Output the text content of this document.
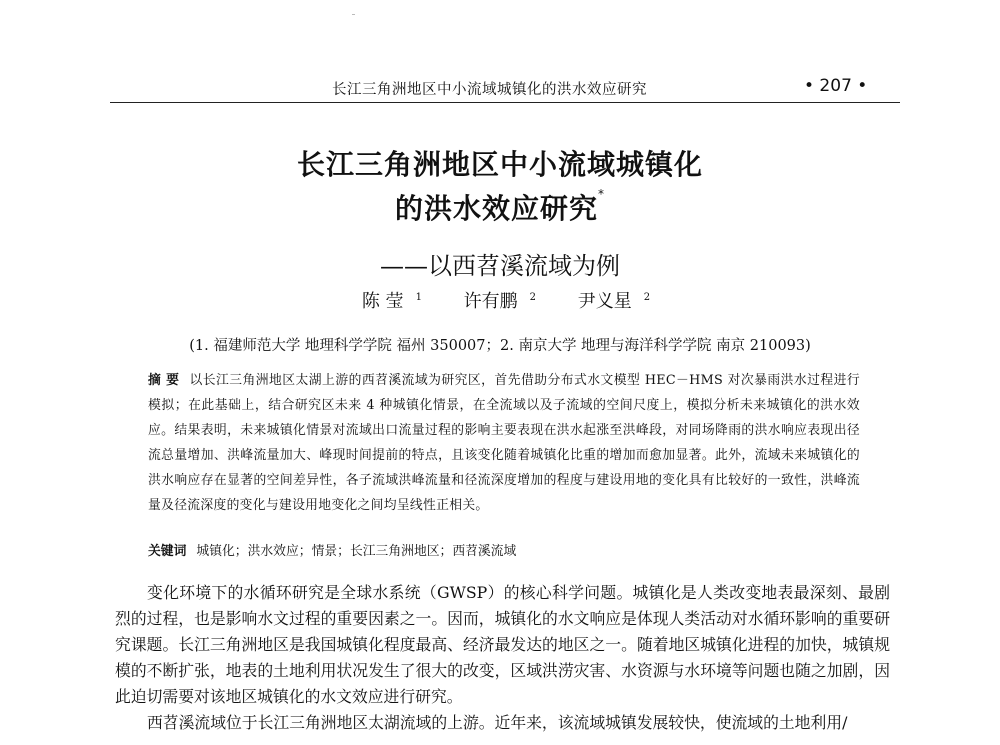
长江三角洲地区中小流域城镇化的洪水效应研究	• 207 •
长江三角洲地区中小流域城镇化
的洪水效应研究*
——以西苕溪流域为例
陈 莹 $^1$ 许有鹏 $^2$ 尹义星 $^2$
(1. 福建师范大学 地理科学学院 福州 350007；2. 南京大学 地理与海洋科学学院 南京 210093)
摘 要 以长江三角洲地区太湖上游的西苕溪流域为研究区，首先借助分布式水文模型 HEC－HMS 对次暴雨洪水过程进行模拟；在此基础上，结合研究区未来 4 种城镇化情景，在全流域以及子流域的空间尺度上，模拟分析未来城镇化的洪水效应。结果表明，未来城镇化情景对流域出口流量过程的影响主要表现在洪水起涨至洪峰段，对同场降雨的洪水响应表现出径流总量增加、洪峰流量加大、峰现时间提前的特点，且该变化随着城镇化比重的增加而愈加显著。此外，流域未来城镇化的洪水响应存在显著的空间差异性，各子流域洪峰流量和径流深度增加的程度与建设用地的变化具有比较好的一致性，洪峰流量及径流深度的变化与建设用地变化之间均呈线性正相关。
关键词 城镇化；洪水效应；情景；长江三角洲地区；西苕溪流域
变化环境下的水循环研究是全球水系统（GWSP）的核心科学问题。城镇化是人类改变地表最深刻、最剧烈的过程，也是影响水文过程的重要因素之一。因而，城镇化的水文响应是体现人类活动对水循环影响的重要研究课题。长江三角洲地区是我国城镇化程度最高、经济最发达的地区之一。随着地区城镇化进程的加快，城镇规模的不断扩张，地表的土地利用状况发生了很大的改变，区域洪涝灾害、水资源与水环境等问题也随之加剧，因此迫切需要对该地区城镇化的水文效应进行研究。
西苕溪流域位于长江三角洲地区太湖流域的上游。近年来，该流域城镇发展较快，使流域的土地利用/
